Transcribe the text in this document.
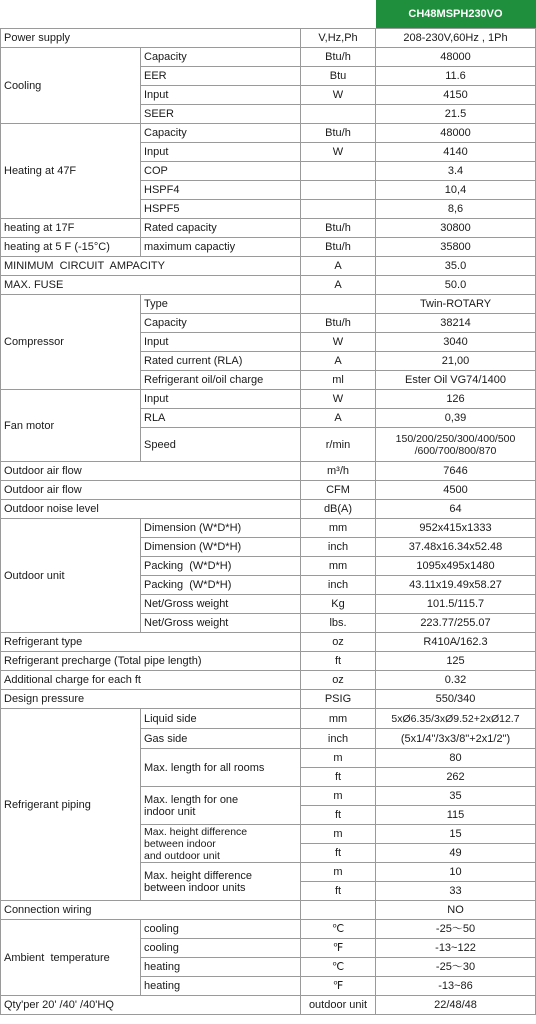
			CH48MSPH230VO
Power supply		V,Hz,Ph	208-230V,60Hz , 1Ph
Cooling	Capacity	Btu/h	48000
	EER	Btu	11.6
	Input	W	4150
	SEER		21.5
Heating at 47F	Capacity	Btu/h	48000
	Input	W	4140
	COP		3.4
	HSPF4		10,4
	HSPF5		8,6
heating at 17F	Rated capacity	Btu/h	30800
heating at 5 F (-15°C)	maximum capactiy	Btu/h	35800
MINIMUM  CIRCUIT  AMPACITY		A	35.0
MAX. FUSE		A	50.0
Compressor	Type		Twin-ROTARY
	Capacity	Btu/h	38214
	Input	W	3040
	Rated current (RLA)	A	21,00
	Refrigerant oil/oil charge	ml	Ester Oil VG74/1400
Fan motor	Input	W	126
	RLA	A	0,39
	Speed	r/min	150/200/250/300/400/500
/600/700/800/870

Outdoor air flow		m³/h	7646
Outdoor air flow		CFM	4500
Outdoor noise level		dB(A)	64
Outdoor unit	Dimension (W*D*H)	mm	952x415x1333
	Dimension (W*D*H)	inch	37.48x16.34x52.48
	Packing  (W*D*H)	mm	1095x495x1480
	Packing  (W*D*H)	inch	43.11x19.49x58.27
	Net/Gross weight	Kg	101.5/115.7
	Net/Gross weight	lbs.	223.77/255.07
Refrigerant type		oz	R410A/162.3
Refrigerant precharge (Total pipe length)		ft	125
Additional charge for each ft		oz	0.32
Design pressure		PSIG	550/340
Refrigerant piping	Liquid side	mm	5xØ6.35/3xØ9.52+2xØ12.7
	Gas side	inch	(5x1/4"/3x3/8"+2x1/2")
	Max. length for all rooms	m	80
		ft	262

	Max. length for one
indoor unit	m	35
		ft	115

	Max. height difference
between indoor
and outdoor unit	m	15
		ft	49

	Max. height difference
between indoor units	m	10
		ft	33
Connection wiring			NO
Ambient  temperature	cooling	℃	-25～50
	cooling	℉	-13~122
	heating	℃	-25～30
	heating	℉	-13~86
Qty'per 20' /40' /40'HQ		outdoor unit	22/48/48
